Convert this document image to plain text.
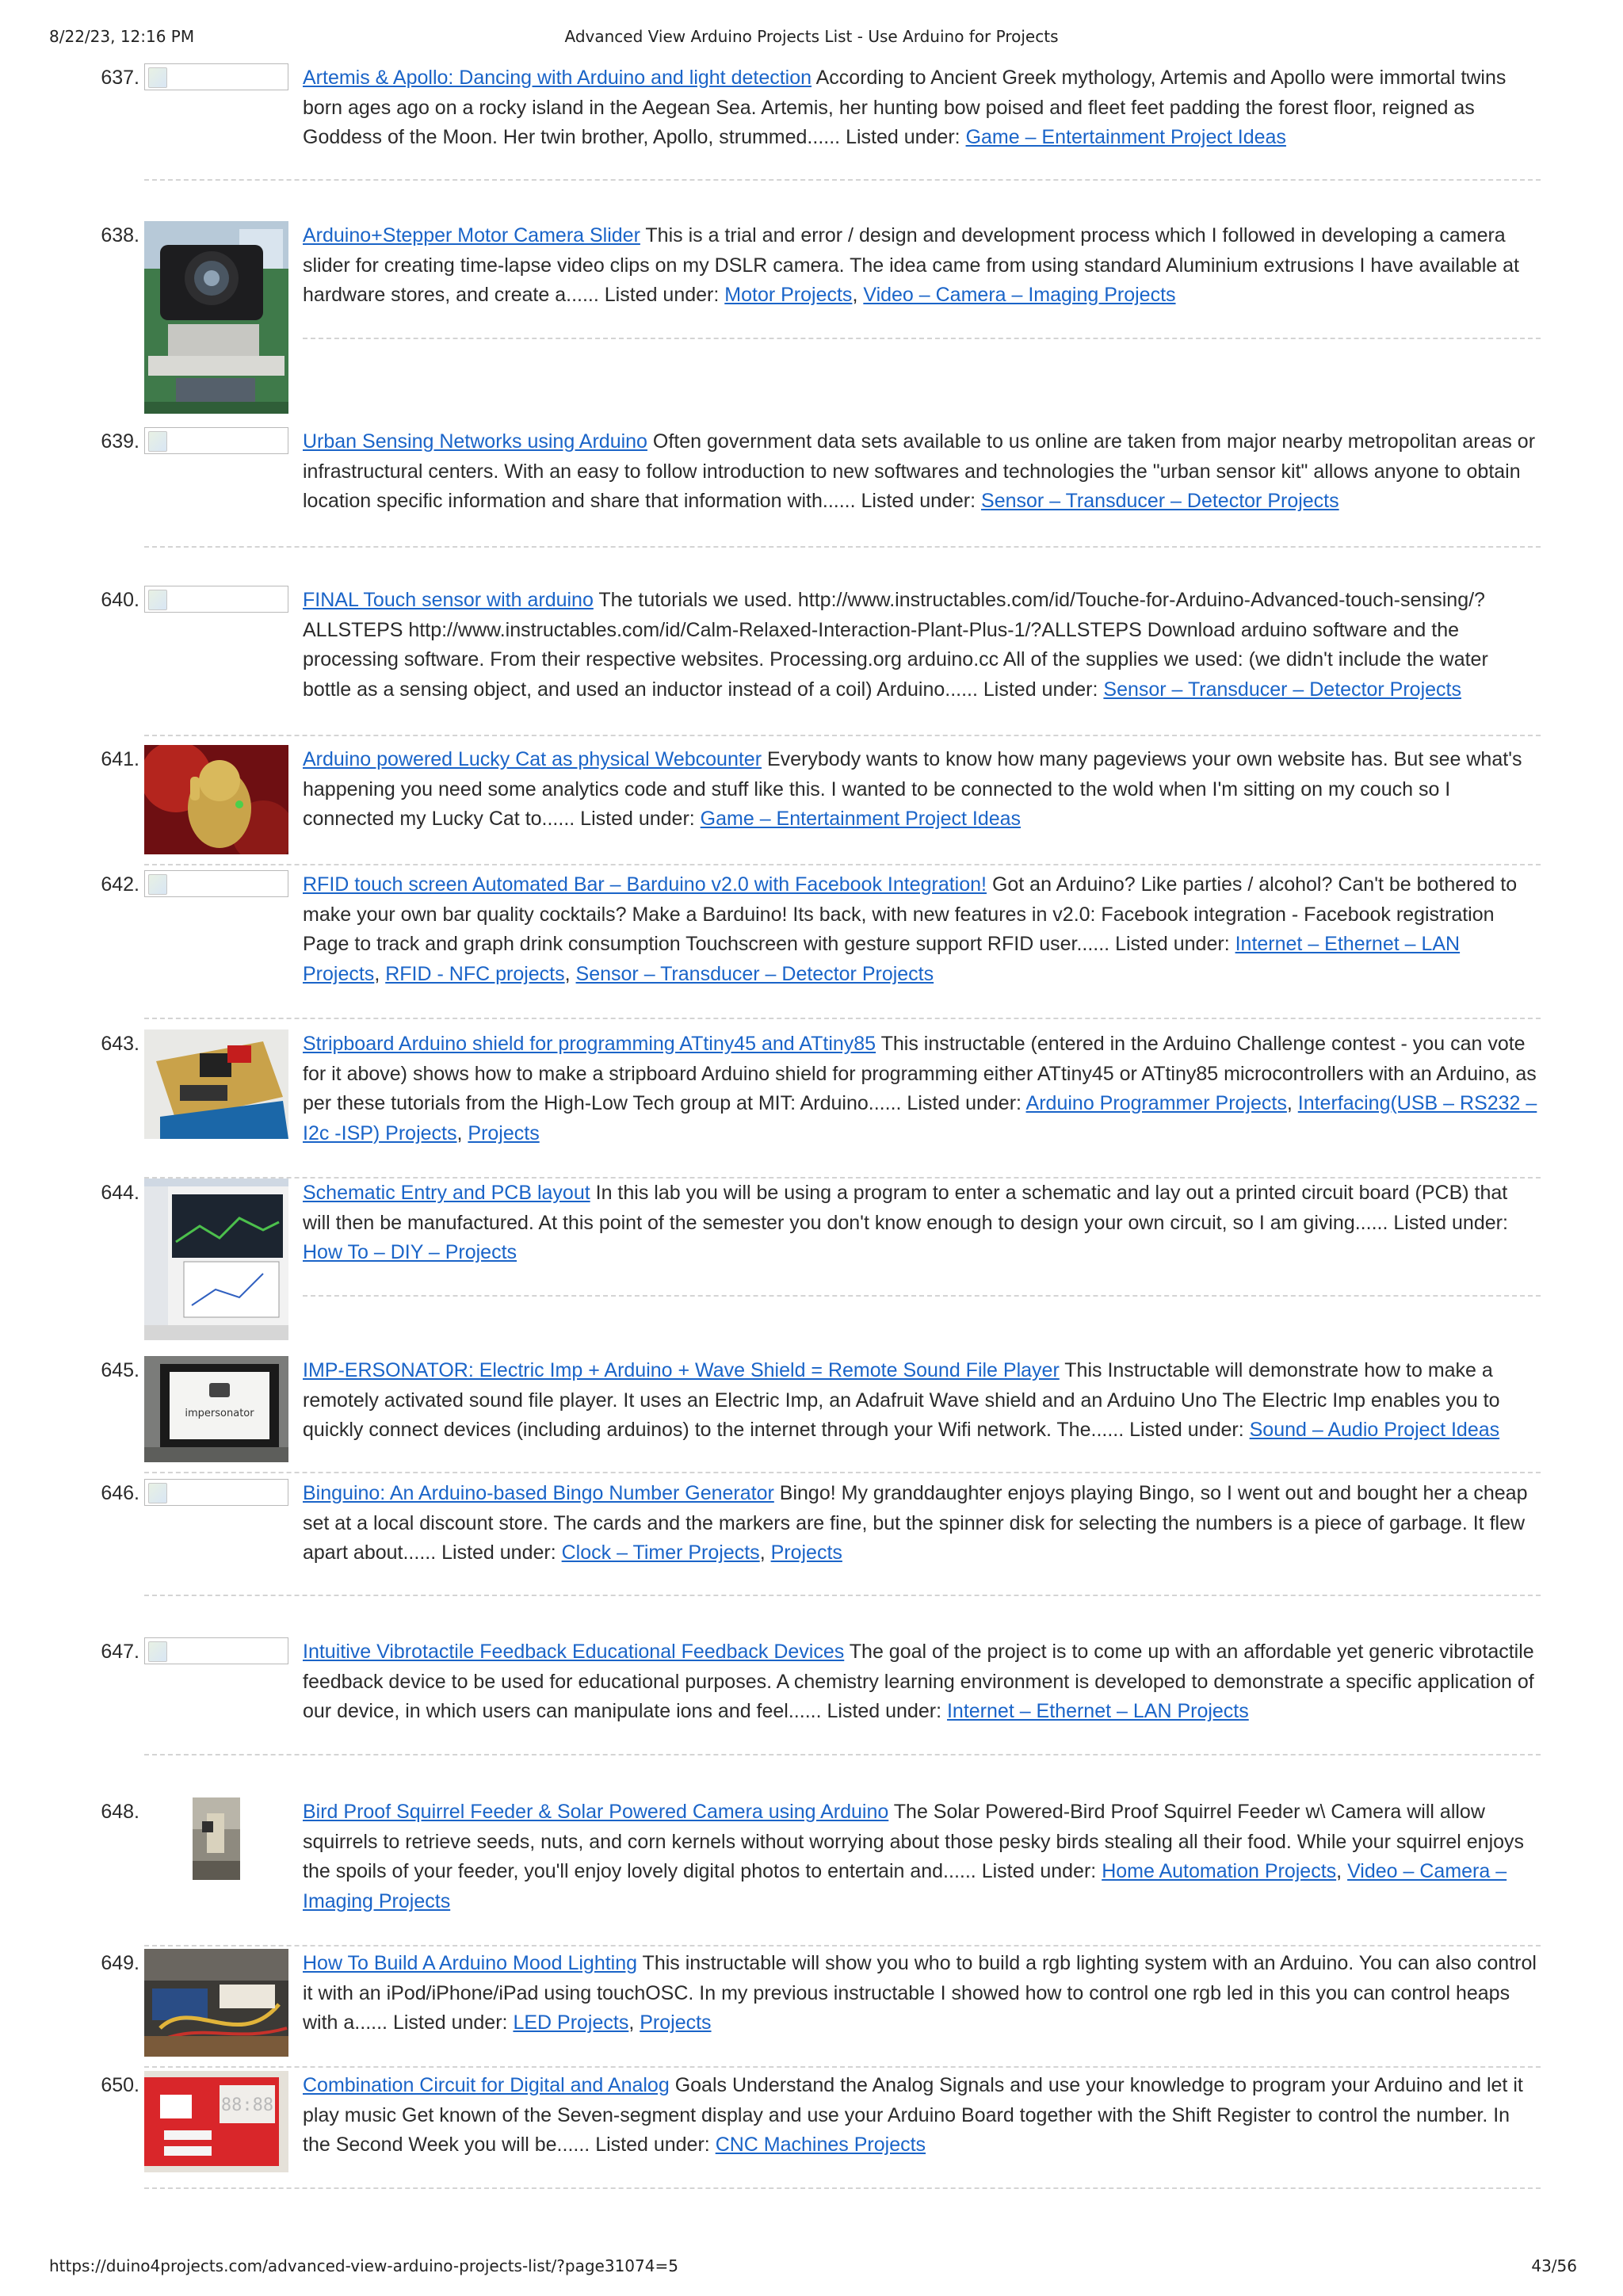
8/22/23, 12:16 PM	Advanced View Arduino Projects List - Use Arduino for Projects
637.	Artemis & Apollo: Dancing with Arduino and light detection According to Ancient Greek mythology, Artemis and Apollo were immortal twins born ages ago on a rocky island in the Aegean Sea. Artemis, her hunting bow poised and fleet feet padding the forest floor, reigned as Goddess of the Moon. Her twin brother, Apollo, strummed...... Listed under: Game – Entertainment Project Ideas
638.	Arduino+Stepper Motor Camera Slider This is a trial and error / design and development process which I followed in developing a camera slider for creating time-lapse video clips on my DSLR camera. The idea came from using standard Aluminium extrusions I have available at hardware stores, and create a...... Listed under: Motor Projects, Video – Camera – Imaging Projects
639.	Urban Sensing Networks using Arduino Often government data sets available to us online are taken from major nearby metropolitan areas or infrastructural centers. With an easy to follow introduction to new softwares and technologies the "urban sensor kit" allows anyone to obtain location specific information and share that information with...... Listed under: Sensor – Transducer – Detector Projects
640.	FINAL Touch sensor with arduino The tutorials we used. http://www.instructables.com/id/Touche-for-Arduino-Advanced-touch-sensing/?ALLSTEPS http://www.instructables.com/id/Calm-Relaxed-Interaction-Plant-Plus-1/?ALLSTEPS Download arduino software and the processing software. From their respective websites. Processing.org arduino.cc All of the supplies we used: (we didn't include the water bottle as a sensing object, and used an inductor instead of a coil) Arduino...... Listed under: Sensor – Transducer – Detector Projects
641.	Arduino powered Lucky Cat as physical Webcounter Everybody wants to know how many pageviews your own website has. But see what's happening you need some analytics code and stuff like this. I wanted to be connected to the wold when I'm sitting on my couch so I connected my Lucky Cat to...... Listed under: Game – Entertainment Project Ideas
642.	RFID touch screen Automated Bar – Barduino v2.0 with Facebook Integration! Got an Arduino? Like parties / alcohol? Can't be bothered to make your own bar quality cocktails? Make a Barduino! Its back, with new features in v2.0: Facebook integration - Facebook registration Page to track and graph drink consumption Touchscreen with gesture support RFID user...... Listed under: Internet – Ethernet – LAN Projects, RFID - NFC projects, Sensor – Transducer – Detector Projects
643.	Stripboard Arduino shield for programming ATtiny45 and ATtiny85 This instructable (entered in the Arduino Challenge contest - you can vote for it above) shows how to make a stripboard Arduino shield for programming either ATtiny45 or ATtiny85 microcontrollers with an Arduino, as per these tutorials from the High-Low Tech group at MIT: Arduino...... Listed under: Arduino Programmer Projects, Interfacing(USB – RS232 – I2c -ISP) Projects, Projects
644.	Schematic Entry and PCB layout In this lab you will be using a program to enter a schematic and lay out a printed circuit board (PCB) that will then be manufactured. At this point of the semester you don't know enough to design your own circuit, so I am giving...... Listed under: How To – DIY – Projects
645.
impersonator
IMP-ERSONATOR: Electric Imp + Arduino + Wave Shield = Remote Sound File Player This Instructable will demonstrate how to make a remotely activated sound file player. It uses an Electric Imp, an Adafruit Wave shield and an Arduino Uno The Electric Imp enables you to quickly connect devices (including arduinos) to the internet through your Wifi network. The...... Listed under: Sound – Audio Project Ideas
646.	Binguino: An Arduino-based Bingo Number Generator Bingo! My granddaughter enjoys playing Bingo, so I went out and bought her a cheap set at a local discount store. The cards and the markers are fine, but the spinner disk for selecting the numbers is a piece of garbage. It flew apart about...... Listed under: Clock – Timer Projects, Projects
647.	Intuitive Vibrotactile Feedback Educational Feedback Devices The goal of the project is to come up with an affordable yet generic vibrotactile feedback device to be used for educational purposes. A chemistry learning environment is developed to demonstrate a specific application of our device, in which users can manipulate ions and feel...... Listed under: Internet – Ethernet – LAN Projects
648.	Bird Proof Squirrel Feeder & Solar Powered Camera using Arduino The Solar Powered-Bird Proof Squirrel Feeder w\ Camera will allow squirrels to retrieve seeds, nuts, and corn kernels without worrying about those pesky birds stealing all their food. While your squirrel enjoys the spoils of your feeder, you'll enjoy lovely digital photos to entertain and...... Listed under: Home Automation Projects, Video – Camera – Imaging Projects
649.	How To Build A Arduino Mood Lighting This instructable will show you who to build a rgb lighting system with an Arduino. You can also control it with an iPod/iPhone/iPad using touchOSC. In my previous instructable I showed how to control one rgb led in this you can control heaps with a...... Listed under: LED Projects, Projects
650.
88:88
Combination Circuit for Digital and Analog Goals Understand the Analog Signals and use your knowledge to program your Arduino and let it play music Get known of the Seven-segment display and use your Arduino Board together with the Shift Register to control the number. In the Second Week you will be...... Listed under: CNC Machines Projects
https://duino4projects.com/advanced-view-arduino-projects-list/?page31074=5	43/56
